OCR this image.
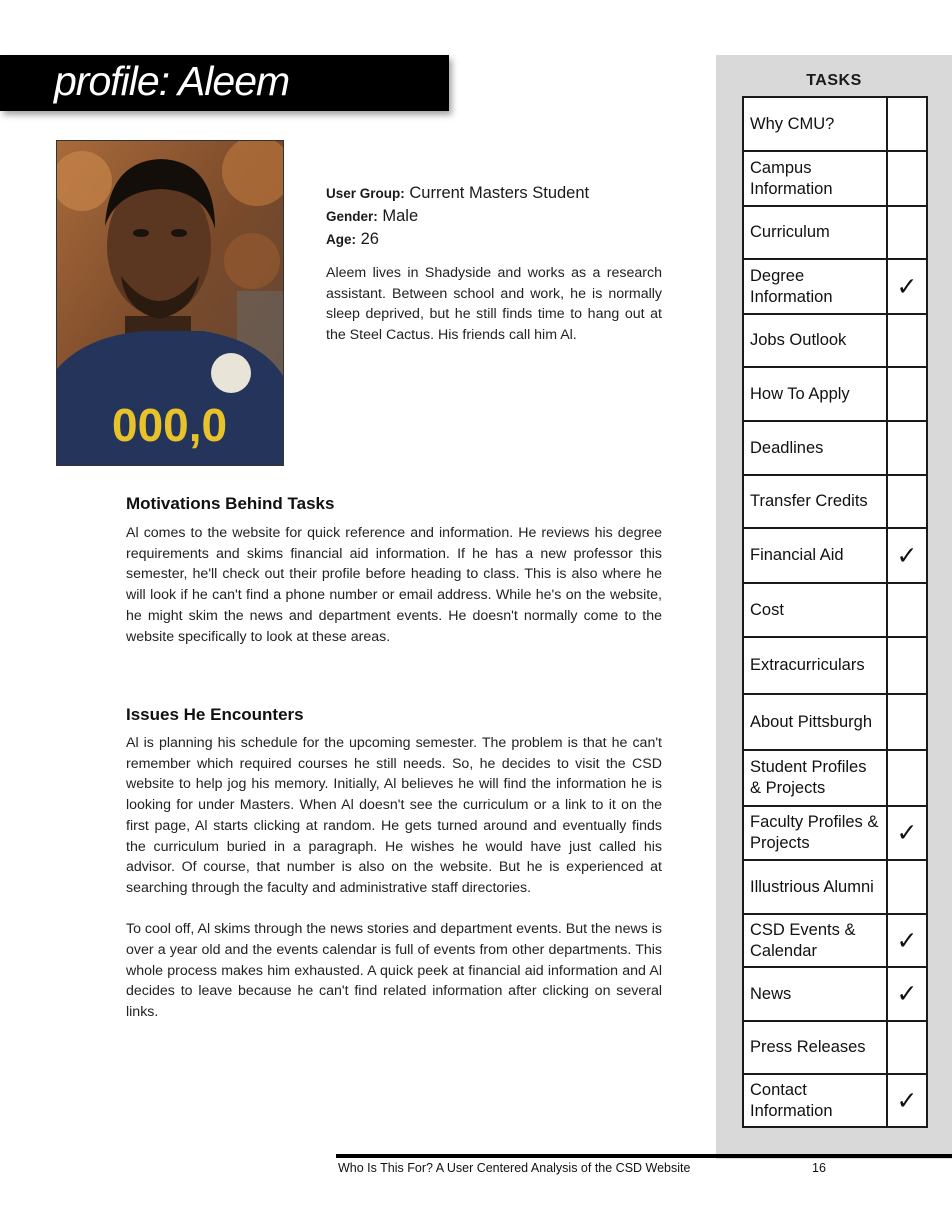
profile: Aleem
000,0
User Group: Current Masters Student
Gender: Male
Age: 26
Aleem lives in Shadyside and works as a research assistant. Between school and work, he is normally sleep deprived, but he still finds time to hang out at the Steel Cactus. His friends call him Al.
Motivations Behind Tasks

Al comes to the website for quick reference and information. He reviews his degree requirements and skims financial aid information. If he has a new professor this semester, he'll check out their profile before heading to class. This is also where he will look if he can't find a phone number or email address. While he's on the website, he might skim the news and department events. He doesn't normally come to the website specifically to look at these areas.

Issues He Encounters

Al is planning his schedule for the upcoming semester. The problem is that he can't remember which required courses he still needs. So, he decides to visit the CSD website to help jog his memory. Initially, Al believes he will find the information he is looking for under Masters. When Al doesn't see the curriculum or a link to it on the first page, Al starts clicking at random. He gets turned around and eventually finds the curriculum buried in a paragraph. He wishes he would have just called his advisor. Of course, that number is also on the website. But he is experienced at searching through the faculty and administrative staff directories.

To cool off, Al skims through the news stories and department events. But the news is over a year old and the events calendar is full of events from other departments. This whole process makes him exhausted. A quick peek at financial aid information and Al decides to leave because he can't find related information after clicking on several links.

TASKS
Why CMU?
Campus Information
Curriculum
Degree Information	✓
Jobs Outlook
How To Apply
Deadlines
Transfer Credits
Financial Aid	✓
Cost
Extracurriculars
About Pittsburgh
Student Profiles & Projects
Faculty Profiles & Projects	✓
Illustrious Alumni
CSD Events & Calendar	✓
News	✓
Press Releases
Contact Information	✓
Who Is This For? A User Centered Analysis of the CSD Website	16
